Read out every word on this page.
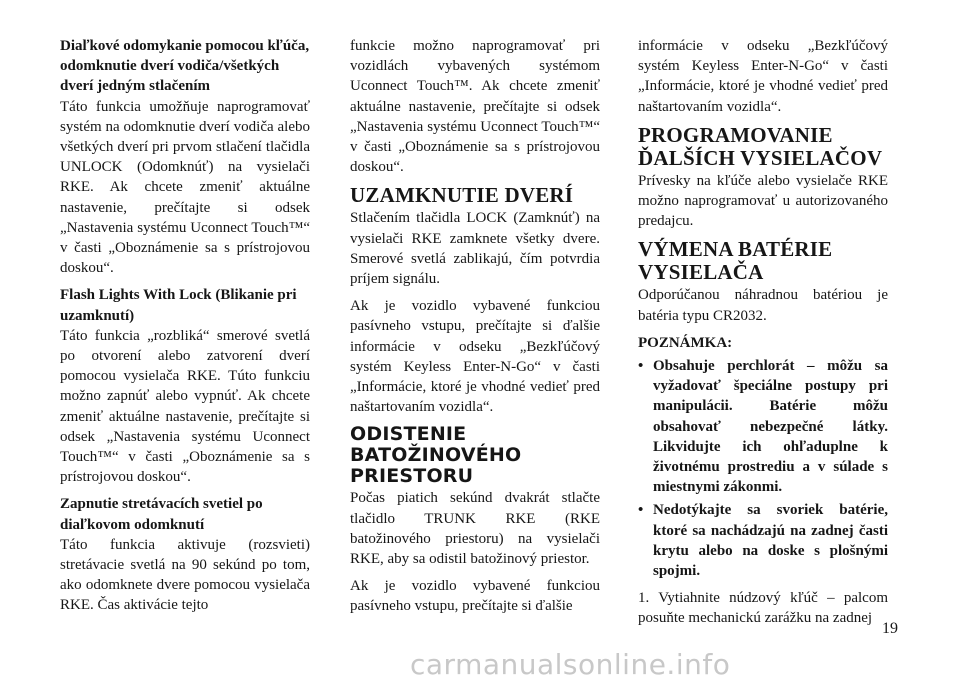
Diaľkové odomykanie pomocou kľúča, odomknutie dverí vodiča/všetkých dverí jedným stlačením
Táto funkcia umožňuje naprogramovať systém na odomknutie dverí vodiča alebo všetkých dverí pri prvom stlačení tlačidla UNLOCK (Odomknúť) na vysielači RKE. Ak chcete zmeniť aktuálne nastavenie, prečítajte si odsek „Nastavenia systému Uconnect Touch™“ v časti „Oboznámenie sa s prístrojovou doskou“.
Flash Lights With Lock (Blikanie pri uzamknutí)
Táto funkcia „rozbliká“ smerové svetlá po otvorení alebo zatvorení dverí pomocou vysielača RKE. Túto funkciu možno zapnúť alebo vypnúť. Ak chcete zmeniť aktuálne nastavenie, prečítajte si odsek „Nastavenia systému Uconnect Touch™“ v časti „Oboznámenie sa s prístrojovou doskou“.
Zapnutie stretávacích svetiel po diaľkovom odomknutí
Táto funkcia aktivuje (rozsvieti) stretávacie svetlá na 90 sekúnd po tom, ako odomknete dvere pomocou vysielača RKE. Čas aktivácie tejto
funkcie možno naprogramovať pri vozidlách vybavených systémom Uconnect Touch™. Ak chcete zmeniť aktuálne nastavenie, prečítajte si odsek „Nastavenia systému Uconnect Touch™“ v časti „Oboznámenie sa s prístrojovou doskou“.
UZAMKNUTIE DVERÍ
Stlačením tlačidla LOCK (Zamknúť) na vysielači RKE zamknete všetky dvere. Smerové svetlá zablikajú, čím potvrdia príjem signálu.
Ak je vozidlo vybavené funkciou pasívneho vstupu, prečítajte si ďalšie informácie v odseku „Bezkľúčový systém Keyless Enter-N-Go“ v časti „Informácie, ktoré je vhodné vedieť pred naštartovaním vozidla“.
ODISTENIE BATOŽINOVÉHO PRIESTORU
Počas piatich sekúnd dvakrát stlačte tlačidlo TRUNK RKE (RKE batožinového priestoru) na vysielači RKE, aby sa odistil batožinový priestor.
Ak je vozidlo vybavené funkciou pasívneho vstupu, prečítajte si ďalšie
informácie v odseku „Bezkľúčový systém Keyless Enter-N-Go“ v časti „Informácie, ktoré je vhodné vedieť pred naštartovaním vozidla“.
PROGRAMOVANIE ĎALŠÍCH VYSIELAČOV
Prívesky na kľúče alebo vysielače RKE možno naprogramovať u autorizovaného predajcu.
VÝMENA BATÉRIE VYSIELAČA
Odporúčanou náhradnou batériou je batéria typu CR2032.
POZNÁMKA:
• Obsahuje perchlorát – môžu sa vyžadovať špeciálne postupy pri manipulácii. Batérie môžu obsahovať nebezpečné látky. Likvidujte ich ohľaduplne k životnému prostrediu a v súlade s miestnymi zákonmi.
• Nedotýkajte sa svoriek batérie, ktoré sa nachádzajú na zadnej časti krytu alebo na doske s plošnými spojmi.
1. Vytiahnite núdzový kľúč – palcom posuňte mechanickú zarážku na zadnej
19
carmanualsonline.info
